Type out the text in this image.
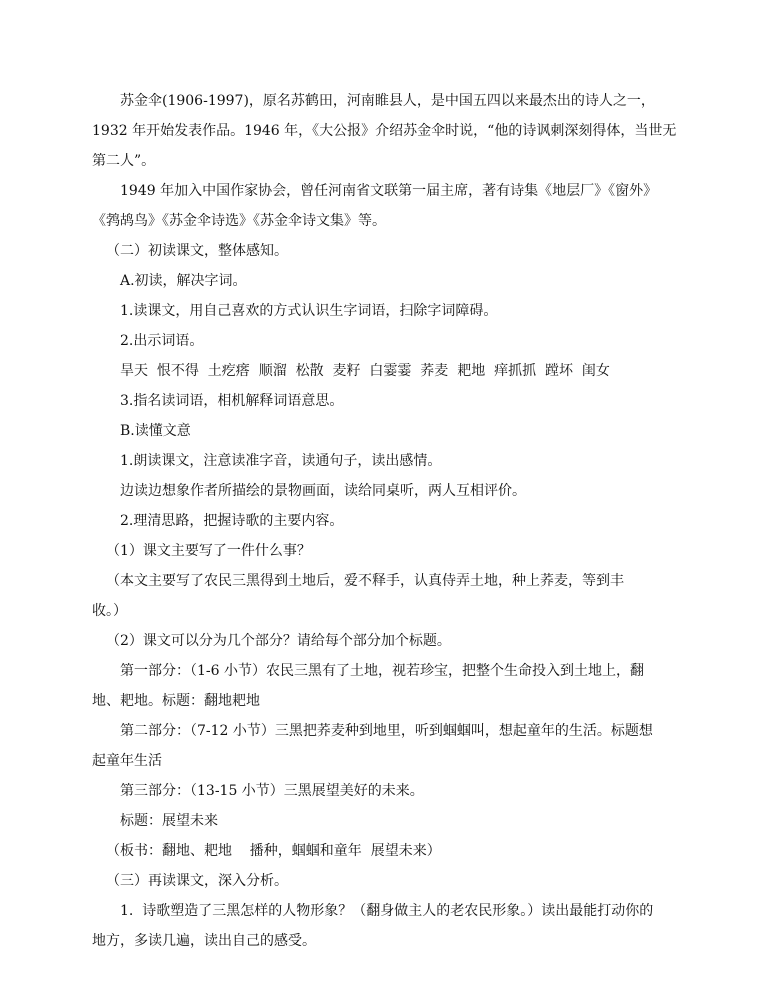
苏金伞(1906-1997)，原名苏鹤田，河南睢县人，是中国五四以来最杰出的诗人之一，
1932 年开始发表作品。1946 年，《大公报》介绍苏金伞时说，“他的诗讽刺深刻得体，当世无
第二人”。
1949 年加入中国作家协会，曾任河南省文联第一届主席，著有诗集《地层厂》《窗外》
《鹁鸪鸟》《苏金伞诗选》《苏金伞诗文集》等。
（二）初读课文，整体感知。
A.初读，解决字词。
1.读课文，用自己喜欢的方式认识生字词语，扫除字词障碍。
2.出示词语。
旱天  恨不得  土疙瘩  顺溜  松散  麦籽  白霎霎  荞麦  耙地  痒抓抓  蹚坏  闺女
3.指名读词语，相机解释词语意思。
B.读懂文意
1.朗读课文，注意读准字音，读通句子，读出感情。
边读边想象作者所描绘的景物画面，读给同桌听，两人互相评价。
2.理清思路，把握诗歌的主要内容。
（1）课文主要写了一件什么事？
（本文主要写了农民三黑得到土地后，爱不释手，认真侍弄土地，种上荞麦，等到丰
收。）
（2）课文可以分为几个部分？请给每个部分加个标题。
第一部分：（1-6 小节）农民三黑有了土地，视若珍宝，把整个生命投入到土地上，翻
地、耙地。标题：翻地耙地
第二部分：（7-12 小节）三黑把荞麦种到地里，听到蝈蝈叫，想起童年的生活。标题想
起童年生活
第三部分：（13-15 小节）三黑展望美好的未来。
标题：展望未来
（板书：翻地、耙地    播种，蝈蝈和童年  展望未来）
（三）再读课文，深入分析。
1.  诗歌塑造了三黑怎样的人物形象？（翻身做主人的老农民形象。）读出最能打动你的
地方，多读几遍，读出自己的感受。
